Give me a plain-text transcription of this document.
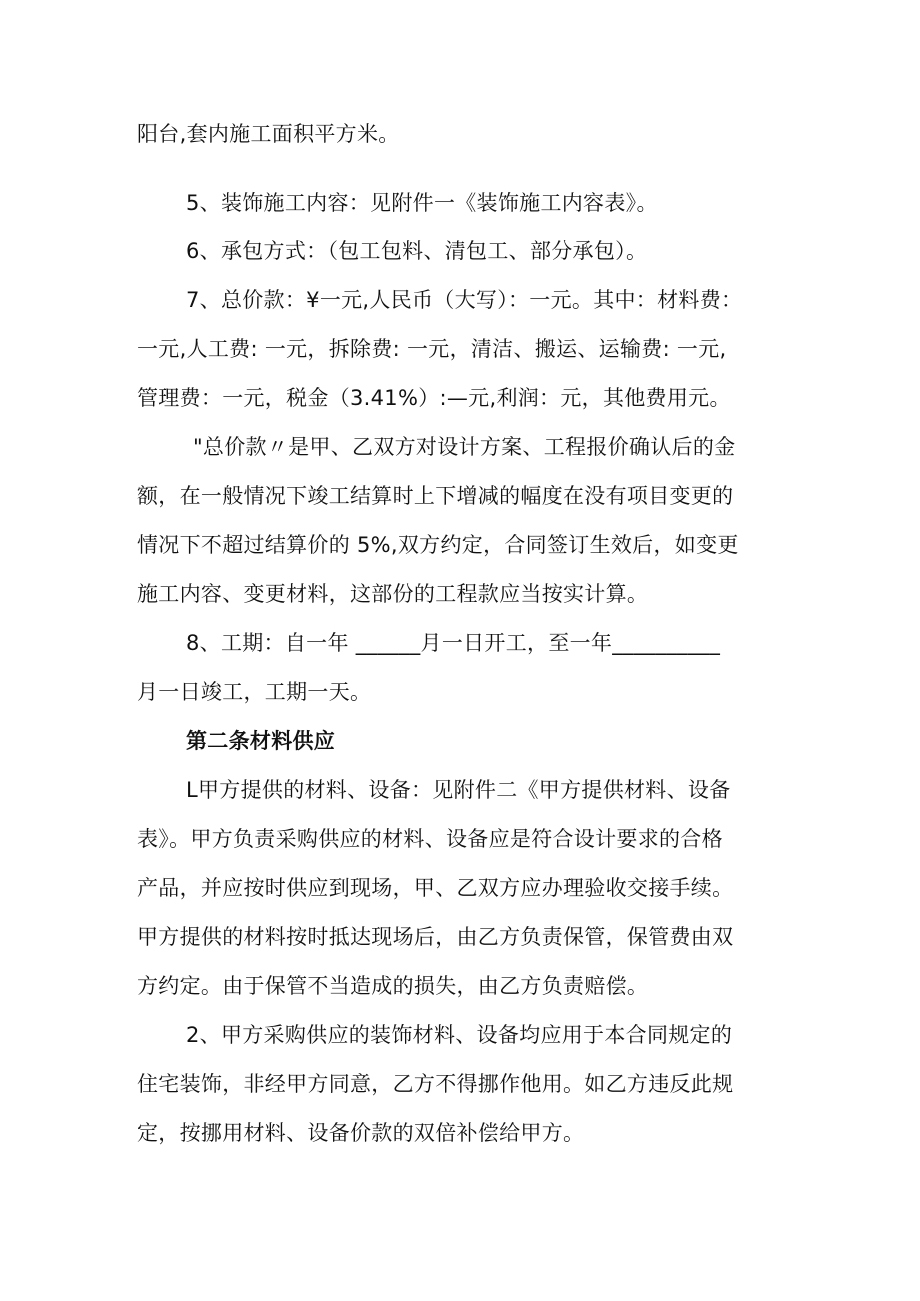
阳台,套内施工面积平方米。
5、装饰施工内容：见附件一《装饰施工内容表》。
6、承包方式：（包工包料、清包工、部分承包）。
7、总价款：¥一元,人民币（大写）：一元。其中：材料费：
一元,人工费: 一元，拆除费: 一元，清洁、搬运、运输费: 一元,
管理费：一元，税金（3.41%）:—元,利润：元，其他费用元。
"总价款〃是甲、乙双方对设计方案、工程报价确认后的金
额，在一般情况下竣工结算时上下增减的幅度在没有项目变更的
情况下不超过结算价的 5%,双方约定，合同签订生效后，如变更
施工内容、变更材料，这部份的工程款应当按实计算。
8、工期：自一年 ______月一日开工，至一年__________
月一日竣工，工期一天。
第二条材料供应
L甲方提供的材料、设备：见附件二《甲方提供材料、设备
表》。甲方负责采购供应的材料、设备应是符合设计要求的合格
产品，并应按时供应到现场，甲、乙双方应办理验收交接手续。
甲方提供的材料按时抵达现场后，由乙方负责保管，保管费由双
方约定。由于保管不当造成的损失，由乙方负责赔偿。
2、甲方采购供应的装饰材料、设备均应用于本合同规定的
住宅装饰，非经甲方同意，乙方不得挪作他用。如乙方违反此规
定，按挪用材料、设备价款的双倍补偿给甲方。
